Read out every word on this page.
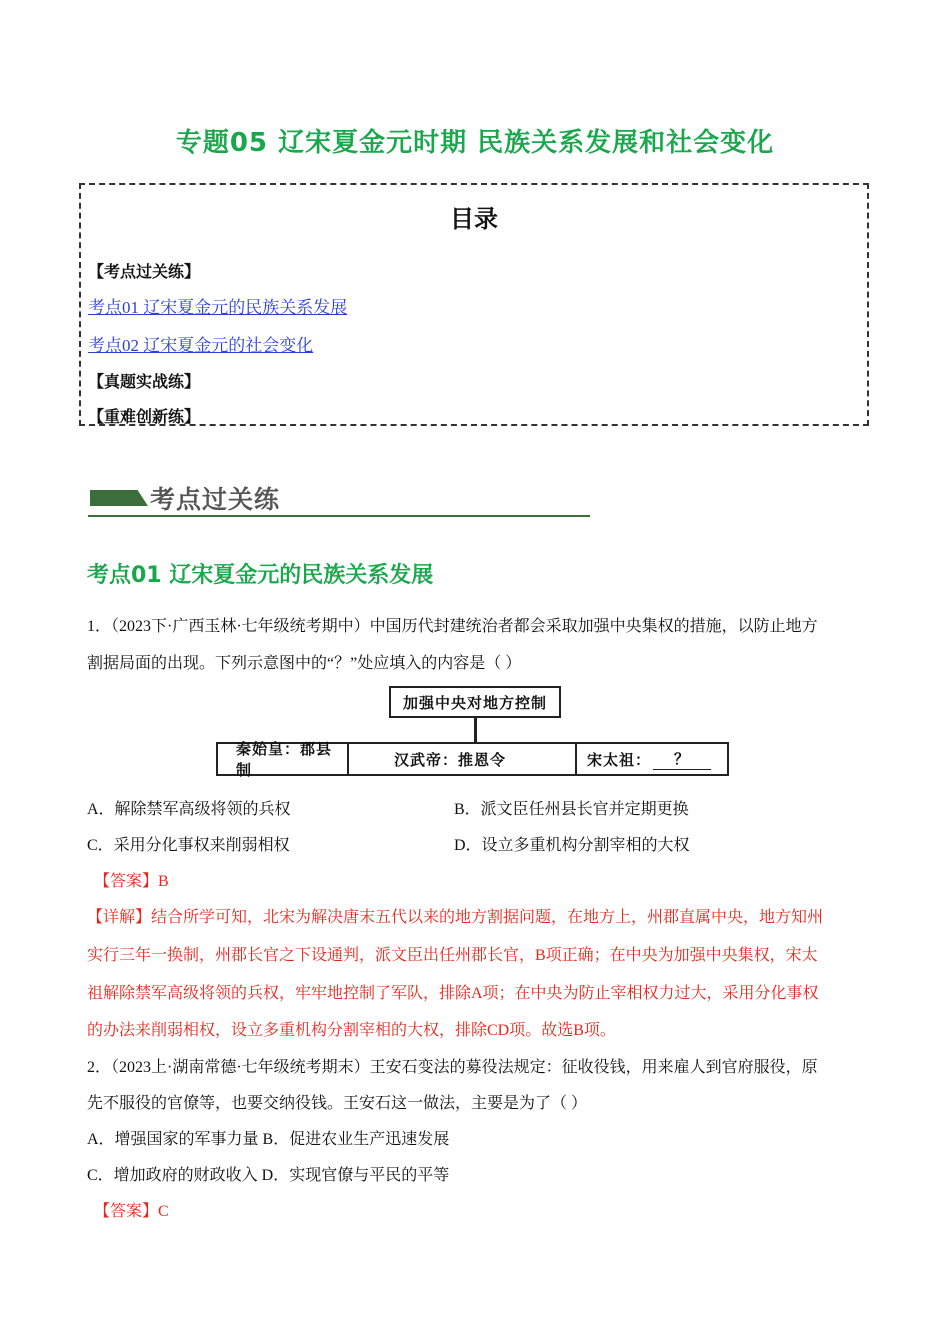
专题05 辽宋夏金元时期 民族关系发展和社会变化
目录
【考点过关练】
考点01 辽宋夏金元的民族关系发展
考点02 辽宋夏金元的社会变化
【真题实战练】
【重难创新练】
考点过关练
考点01 辽宋夏金元的民族关系发展
1．（2023下·广西玉林·七年级统考期中）中国历代封建统治者都会采取加强中央集权的措施，以防止地方
割据局面的出现。下列示意图中的“？”处应填入的内容是（ ）
加强中央对地方控制
秦始皇：郡县制
汉武帝：推恩令	宋太祖：	？
A．解除禁军高级将领的兵权	B．派文臣任州县长官并定期更换
C．采用分化事权来削弱相权	D．设立多重机构分割宰相的大权
【答案】B
【详解】结合所学可知，北宋为解决唐末五代以来的地方割据问题，在地方上，州郡直属中央，地方知州
实行三年一换制，州郡长官之下设通判，派文臣出任州郡长官，B项正确；在中央为加强中央集权，宋太
祖解除禁军高级将领的兵权，牢牢地控制了军队，排除A项；在中央为防止宰相权力过大，采用分化事权
的办法来削弱相权，设立多重机构分割宰相的大权，排除CD项。故选B项。
2．（2023上·湖南常德·七年级统考期末）王安石变法的募役法规定：征收役钱，用来雇人到官府服役，原
先不服役的官僚等，也要交纳役钱。王安石这一做法，主要是为了（ ）
A．增强国家的军事力量 B．促进农业生产迅速发展
C．增加政府的财政收入 D．实现官僚与平民的平等
【答案】C
